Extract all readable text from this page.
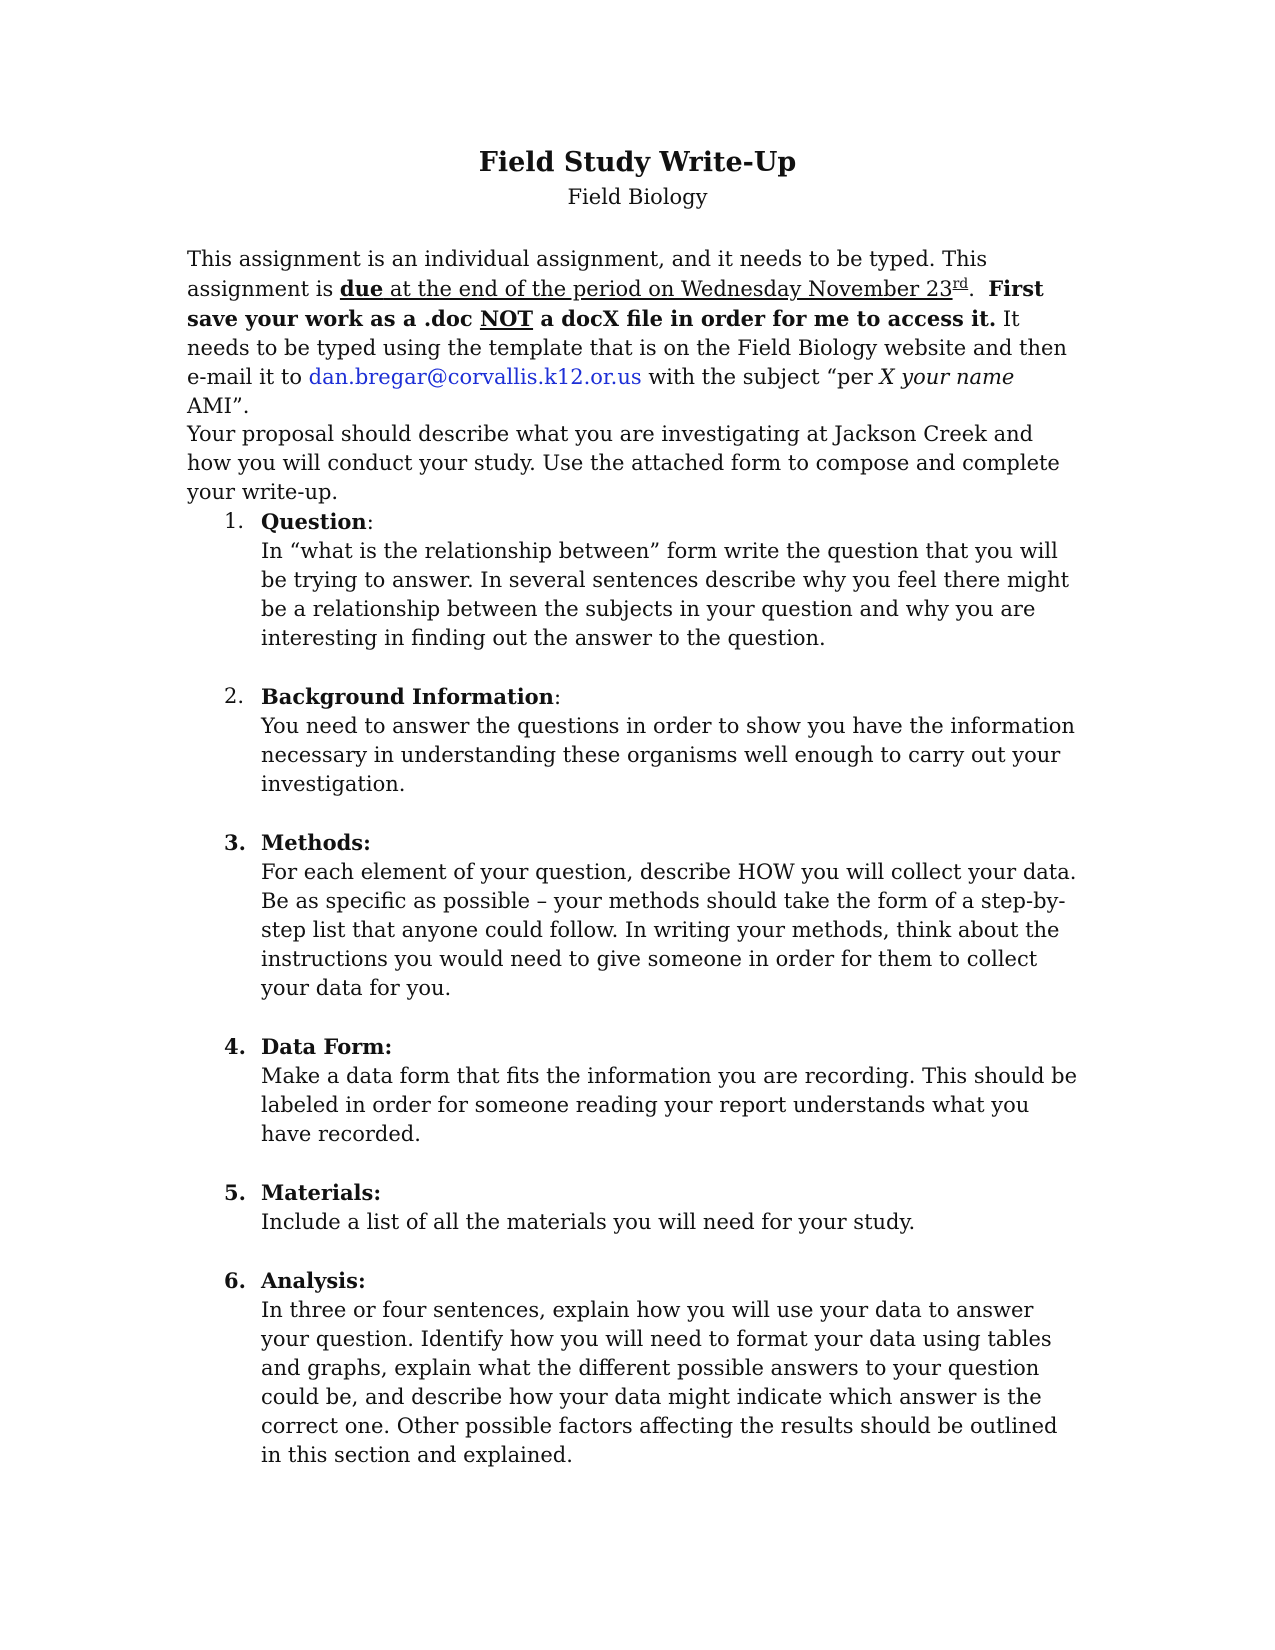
Field Study Write-Up
Field Biology

This assignment is an individual assignment, and it needs to be typed. This assignment is due at the end of the period on Wednesday November 23rd. First save your work as a .doc NOT a docX file in order for me to access it. It needs to be typed using the template that is on the Field Biology website and then e-mail it to dan.bregar@corvallis.k12.or.us with the subject “per X your name AMI”.

Your proposal should describe what you are investigating at Jackson Creek and how you will conduct your study. Use the attached form to compose and complete your write-up.

1. Question:
In “what is the relationship between” form write the question that you will be trying to answer. In several sentences describe why you feel there might be a relationship between the subjects in your question and why you are interesting in finding out the answer to the question.
2. Background Information:
You need to answer the questions in order to show you have the information necessary in understanding these organisms well enough to carry out your investigation.
3. Methods:
For each element of your question, describe HOW you will collect your data. Be as specific as possible – your methods should take the form of a step-by-step list that anyone could follow. In writing your methods, think about the instructions you would need to give someone in order for them to collect your data for you.
4. Data Form:
Make a data form that fits the information you are recording. This should be labeled in order for someone reading your report understands what you have recorded.
5. Materials:
Include a list of all the materials you will need for your study.
6. Analysis:
In three or four sentences, explain how you will use your data to answer your question. Identify how you will need to format your data using tables and graphs, explain what the different possible answers to your question could be, and describe how your data might indicate which answer is the correct one. Other possible factors affecting the results should be outlined in this section and explained.
